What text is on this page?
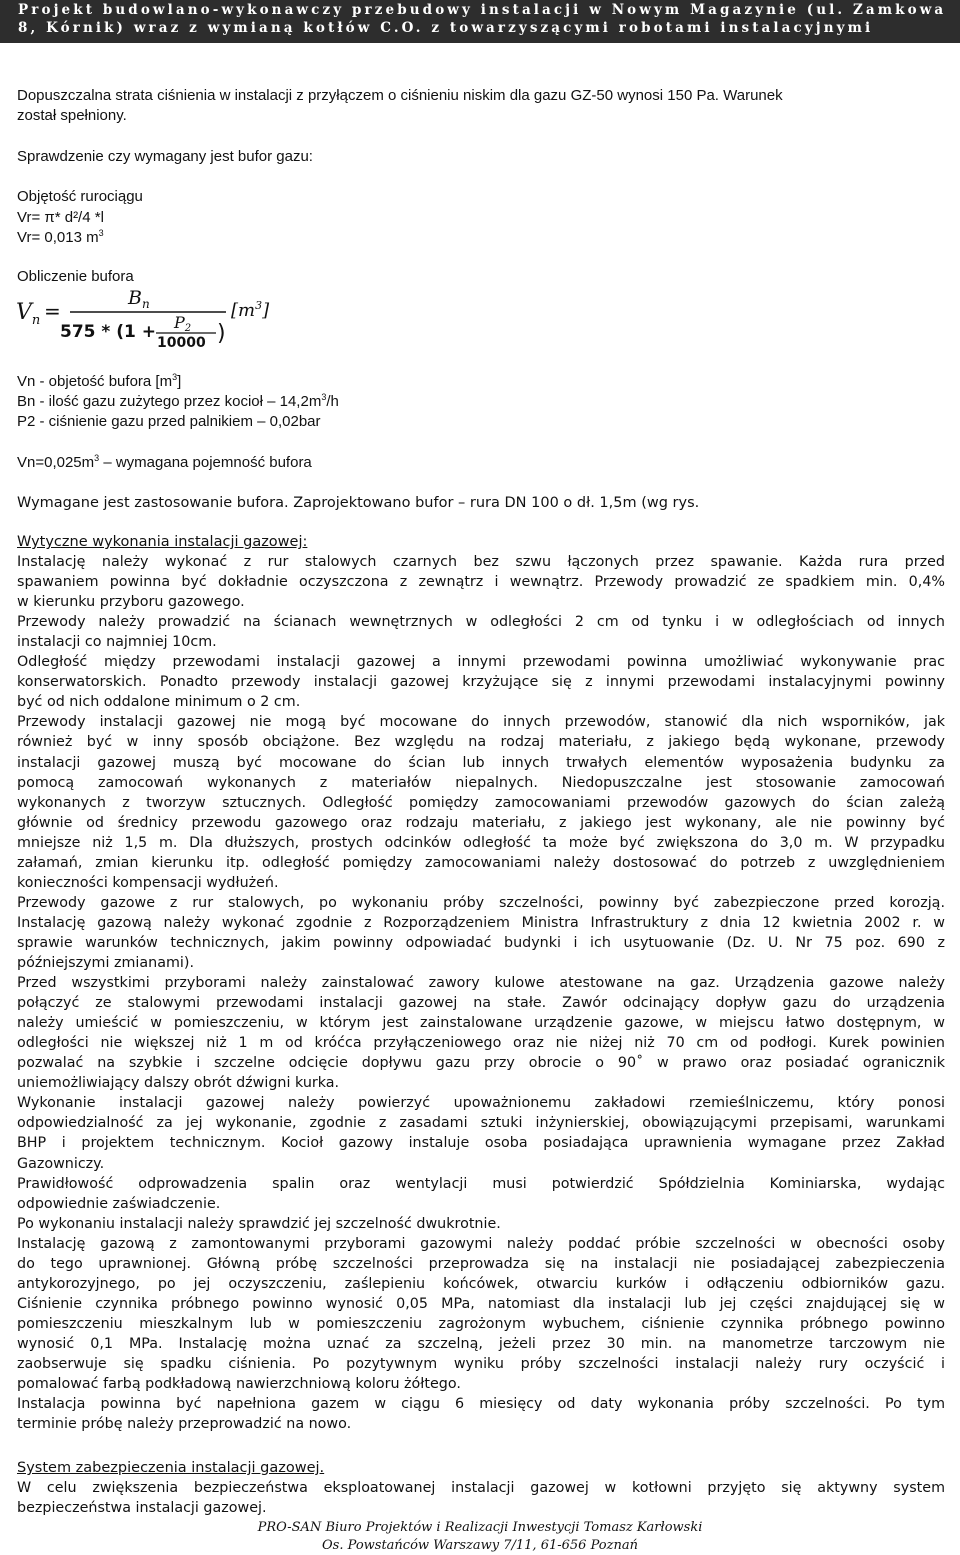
Projekt budowlano-wykonawczy przebudowy instalacji w Nowym Magazynie (ul. Zamkowa
8, Kórnik) wraz z wymianą kotłów C.O. z towarzyszącymi robotami instalacyjnymi
Dopuszczalna strata ciśnienia w instalacji z przyłączem o ciśnieniu niskim dla gazu GZ-50 wynosi 150 Pa. Warunek
został spełniony.
Sprawdzenie czy wymagany jest bufor gazu:
Objętość rurociągu
Vr= π* d²/4 *l
Vr= 0,013 $m^3$
Obliczenie bufora
$V_n$ =
$B_n$
575 * (1 + P2
10000 )
$[m^3]$
Vn - objetość bufora $[m^3]$
Bn - ilość gazu zużytego przez kocioł – $14,2m^3/h$
P2 - ciśnienie gazu przed palnikiem – 0,02bar
$Vn=0,025m^3$ – wymagana pojemność bufora
Wymagane jest zastosowanie bufora. Zaprojektowano bufor – rura DN 100 o dł. 1,5m (wg rys.
Wytyczne wykonania instalacji gazowej:
Instalację należy wykonać z rur stalowych czarnych bez szwu łączonych przez spawanie. Każda rura przed
spawaniem powinna być dokładnie oczyszczona z zewnątrz i wewnątrz. Przewody prowadzić ze spadkiem min. 0,4%
w kierunku przyboru gazowego.
Przewody należy prowadzić na ścianach wewnętrznych w odległości 2 cm od tynku i w odległościach od innych
instalacji co najmniej 10cm.
Odległość między przewodami instalacji gazowej a innymi przewodami powinna umożliwiać wykonywanie prac
konserwatorskich. Ponadto przewody instalacji gazowej krzyżujące się z innymi przewodami instalacyjnymi powinny
być od nich oddalone minimum o 2 cm.
Przewody instalacji gazowej nie mogą być mocowane do innych przewodów, stanowić dla nich wsporników, jak
również być w inny sposób obciążone. Bez względu na rodzaj materiału, z jakiego będą wykonane, przewody
instalacji gazowej muszą być mocowane do ścian lub innych trwałych elementów wyposażenia budynku za
pomocą zamocowań wykonanych z materiałów niepalnych. Niedopuszczalne jest stosowanie zamocowań
wykonanych z tworzyw sztucznych. Odległość pomiędzy zamocowaniami przewodów gazowych do ścian zależą
głównie od średnicy przewodu gazowego oraz rodzaju materiału, z jakiego jest wykonany, ale nie powinny być
mniejsze niż 1,5 m. Dla dłuższych, prostych odcinków odległość ta może być zwiększona do 3,0 m. W przypadku
załamań, zmian kierunku itp. odległość pomiędzy zamocowaniami należy dostosować do potrzeb z uwzględnieniem
konieczności kompensacji wydłużeń.
Przewody gazowe z rur stalowych, po wykonaniu próby szczelności, powinny być zabezpieczone przed korozją.
Instalację gazową należy wykonać zgodnie z Rozporządzeniem Ministra Infrastruktury z dnia 12 kwietnia 2002 r. w
sprawie warunków technicznych, jakim powinny odpowiadać budynki i ich usytuowanie (Dz. U. Nr 75 poz. 690 z
późniejszymi zmianami).
Przed wszystkimi przyborami należy zainstalować zawory kulowe atestowane na gaz. Urządzenia gazowe należy
połączyć ze stalowymi przewodami instalacji gazowej na stałe. Zawór odcinający dopływ gazu do urządzenia
należy umieścić w pomieszczeniu, w którym jest zainstalowane urządzenie gazowe, w miejscu łatwo dostępnym, w
odległości nie większej niż 1 m od króćca przyłączeniowego oraz nie niżej niż 70 cm od podłogi. Kurek powinien
pozwalać na szybkie i szczelne odcięcie dopływu gazu przy obrocie o 90˚ w prawo oraz posiadać ogranicznik
uniemożliwiający dalszy obrót dźwigni kurka.
Wykonanie instalacji gazowej należy powierzyć upoważnionemu zakładowi rzemieślniczemu, który ponosi
odpowiedzialność za jej wykonanie, zgodnie z zasadami sztuki inżynierskiej, obowiązującymi przepisami, warunkami
BHP i projektem technicznym. Kocioł gazowy instaluje osoba posiadająca uprawnienia wymagane przez Zakład
Gazowniczy.
Prawidłowość odprowadzenia spalin oraz wentylacji musi potwierdzić Spółdzielnia Kominiarska, wydając
odpowiednie zaświadczenie.
Po wykonaniu instalacji należy sprawdzić jej szczelność dwukrotnie.
Instalację gazową z zamontowanymi przyborami gazowymi należy poddać próbie szczelności w obecności osoby
do tego uprawnionej. Główną próbę szczelności przeprowadza się na instalacji nie posiadającej zabezpieczenia
antykorozyjnego, po jej oczyszczeniu, zaślepieniu końcówek, otwarciu kurków i odłączeniu odbiorników gazu.
Ciśnienie czynnika próbnego powinno wynosić 0,05 MPa, natomiast dla instalacji lub jej części znajdującej się w
pomieszczeniu mieszkalnym lub w pomieszczeniu zagrożonym wybuchem, ciśnienie czynnika próbnego powinno
wynosić 0,1 MPa. Instalację można uznać za szczelną, jeżeli przez 30 min. na manometrze tarczowym nie
zaobserwuje się spadku ciśnienia. Po pozytywnym wyniku próby szczelności instalacji należy rury oczyścić i
pomalować farbą podkładową nawierzchniową koloru żółtego.
Instalacja powinna być napełniona gazem w ciągu 6 miesięcy od daty wykonania próby szczelności. Po tym
terminie próbę należy przeprowadzić na nowo.
System zabezpieczenia instalacji gazowej.
W celu zwiększenia bezpieczeństwa eksploatowanej instalacji gazowej w kotłowni przyjęto się aktywny system
bezpieczeństwa instalacji gazowej.
PRO-SAN Biuro Projektów i Realizacji Inwestycji Tomasz Karłowski
Os. Powstańców Warszawy 7/11, 61-656 Poznań
